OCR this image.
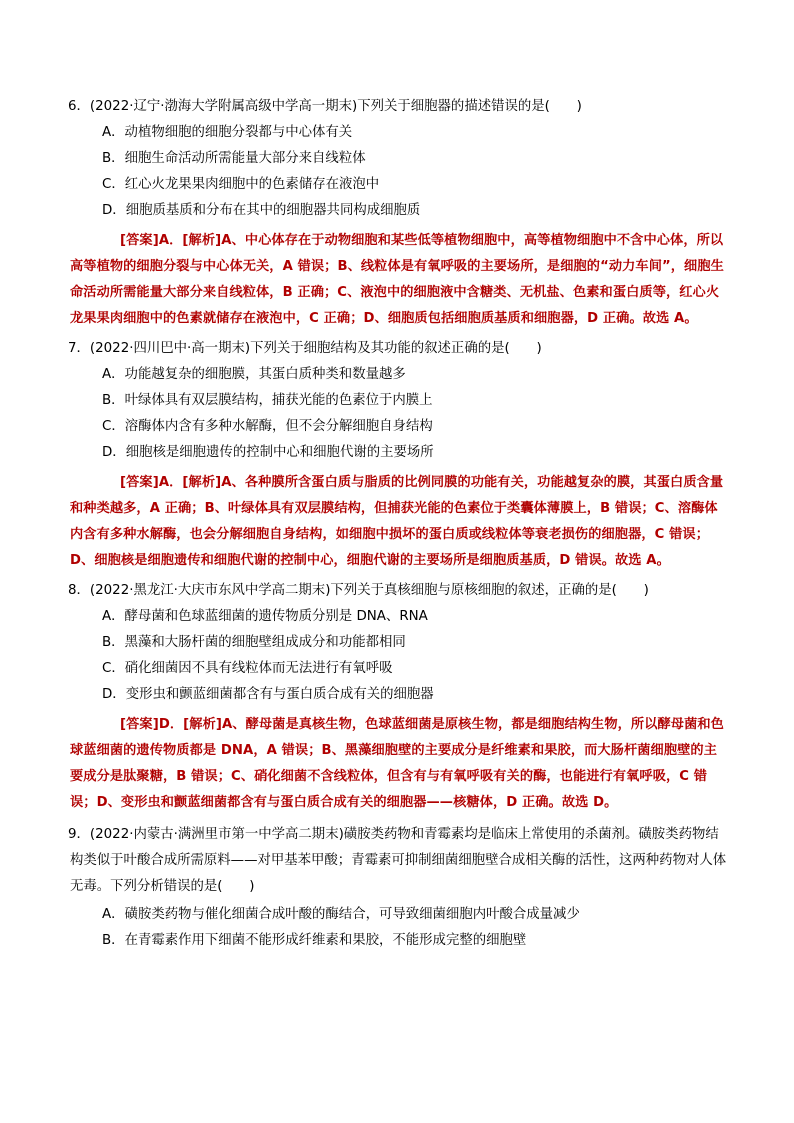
6．(2022·辽宁·渤海大学附属高级中学高一期末)下列关于细胞器的描述错误的是(　　)

A．动植物细胞的细胞分裂都与中心体有关

B．细胞生命活动所需能量大部分来自线粒体

C．红心火龙果果肉细胞中的色素储存在液泡中

D．细胞质基质和分布在其中的细胞器共同构成细胞质

[答案]A．[解析]A、中心体存在于动物细胞和某些低等植物细胞中，高等植物细胞中不含中心体，所以高等植物的细胞分裂与中心体无关，A 错误；B、线粒体是有氧呼吸的主要场所，是细胞的“动力车间”，细胞生命活动所需能量大部分来自线粒体，B 正确；C、液泡中的细胞液中含糖类、无机盐、色素和蛋白质等，红心火龙果果肉细胞中的色素就储存在液泡中，C 正确；D、细胞质包括细胞质基质和细胞器，D 正确。故选 A。

7．(2022·四川巴中·高一期末)下列关于细胞结构及其功能的叙述正确的是(　　)

A．功能越复杂的细胞膜，其蛋白质种类和数量越多

B．叶绿体具有双层膜结构，捕获光能的色素位于内膜上

C．溶酶体内含有多种水解酶，但不会分解细胞自身结构

D．细胞核是细胞遗传的控制中心和细胞代谢的主要场所

[答案]A．[解析]A、各种膜所含蛋白质与脂质的比例同膜的功能有关，功能越复杂的膜，其蛋白质含量和种类越多，A 正确；B、叶绿体具有双层膜结构，但捕获光能的色素位于类囊体薄膜上，B 错误；C、溶酶体内含有多种水解酶，也会分解细胞自身结构，如细胞中损坏的蛋白质或线粒体等衰老损伤的细胞器，C 错误；D、细胞核是细胞遗传和细胞代谢的控制中心，细胞代谢的主要场所是细胞质基质，D 错误。故选 A。

8．(2022·黑龙江·大庆市东风中学高二期末)下列关于真核细胞与原核细胞的叙述，正确的是(　　)

A．酵母菌和色球蓝细菌的遗传物质分别是 DNA、RNA

B．黑藻和大肠杆菌的细胞壁组成成分和功能都相同

C．硝化细菌因不具有线粒体而无法进行有氧呼吸

D．变形虫和颤蓝细菌都含有与蛋白质合成有关的细胞器

[答案]D．[解析]A、酵母菌是真核生物，色球蓝细菌是原核生物，都是细胞结构生物，所以酵母菌和色球蓝细菌的遗传物质都是 DNA，A 错误；B、黑藻细胞壁的主要成分是纤维素和果胶，而大肠杆菌细胞壁的主要成分是肽聚糖，B 错误；C、硝化细菌不含线粒体，但含有与有氧呼吸有关的酶，也能进行有氧呼吸，C 错误；D、变形虫和颤蓝细菌都含有与蛋白质合成有关的细胞器——核糖体，D 正确。故选 D。

9．(2022·内蒙古·满洲里市第一中学高二期末)磺胺类药物和青霉素均是临床上常使用的杀菌剂。磺胺类药物结构类似于叶酸合成所需原料——对甲基苯甲酸；青霉素可抑制细菌细胞壁合成相关酶的活性，这两种药物对人体无毒。下列分析错误的是(　　)

A．磺胺类药物与催化细菌合成叶酸的酶结合，可导致细菌细胞内叶酸合成量减少

B．在青霉素作用下细菌不能形成纤维素和果胶，不能形成完整的细胞壁
